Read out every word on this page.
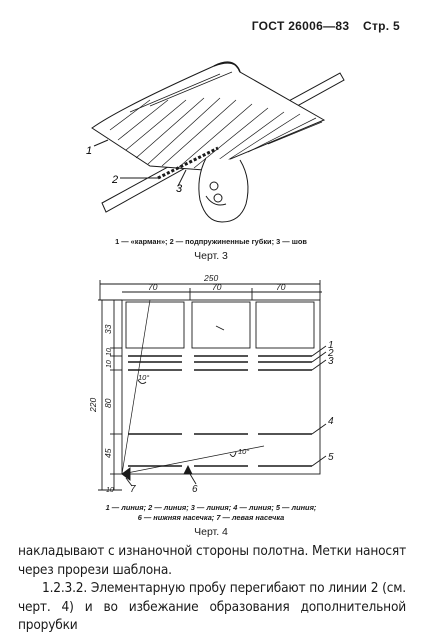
ГОСТ 26006—83 Стр. 5
1
2
3
1 — «карман»; 2 — подпружиненные губки; 3 — шов
Черт. 3
250
70	70	70
220
33
10
10
80
45
10
10°
10°
1
2
3
4
5
6
7
1 — линия; 2 — линия; 3 — линия; 4 — линия; 5 — линия;
6 — нижняя насечка; 7 — левая насечка
Черт. 4

накладывают с изнаночной стороны полотна. Метки наносят через прорези шаблона.

1.2.3.2. Элементарную пробу перегибают по линии 2 (см. черт. 4) и во избежание образования дополнительной прорубки
